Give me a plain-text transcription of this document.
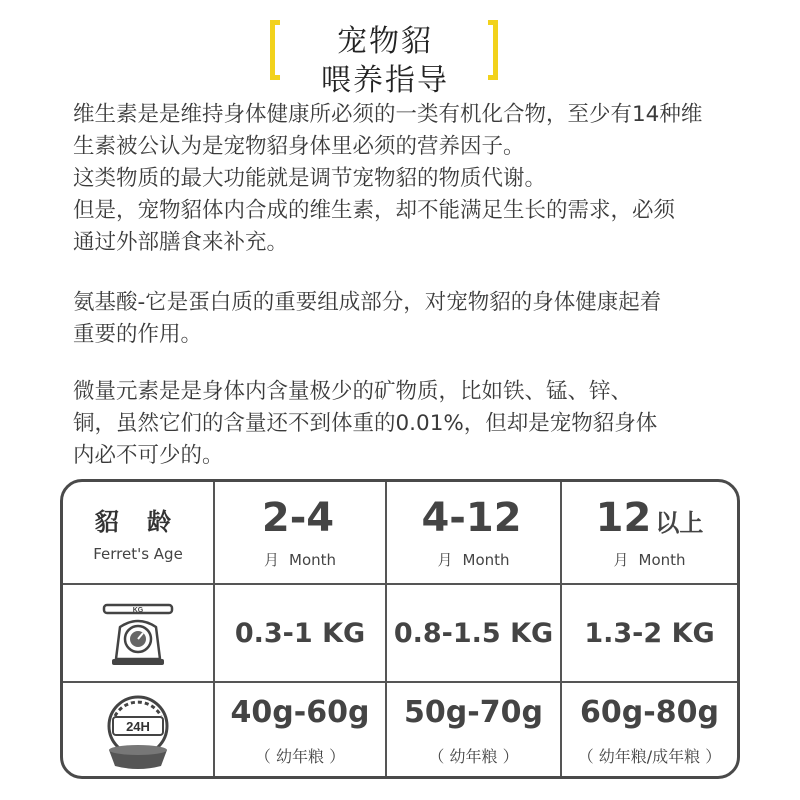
宠物貂
喂养指导
维生素是是维持身体健康所必须的一类有机化合物，至少有14种维
生素被公认为是宠物貂身体里必须的营养因子。
这类物质的最大功能就是调节宠物貂的物质代谢。
但是，宠物貂体内合成的维生素，却不能满足生长的需求，必须
通过外部膳食来补充。
氨基酸-它是蛋白质的重要组成部分，对宠物貂的身体健康起着
重要的作用。
微量元素是是身体内含量极少的矿物质，比如铁、锰、锌、
铜，虽然它们的含量还不到体重的0.01%，但却是宠物貂身体
内必不可少的。
貂 龄
Ferret's Age
2-4
月 Month
4-12
月 Month
12 以上
月 Month
KG
0.3-1 KG 0.8-1.5 KG 1.3-2 KG
24H	40g-60g
（ 幼年粮 ）
50g-70g
（ 幼年粮 ）
60g-80g
（ 幼年粮/成年粮 ）
